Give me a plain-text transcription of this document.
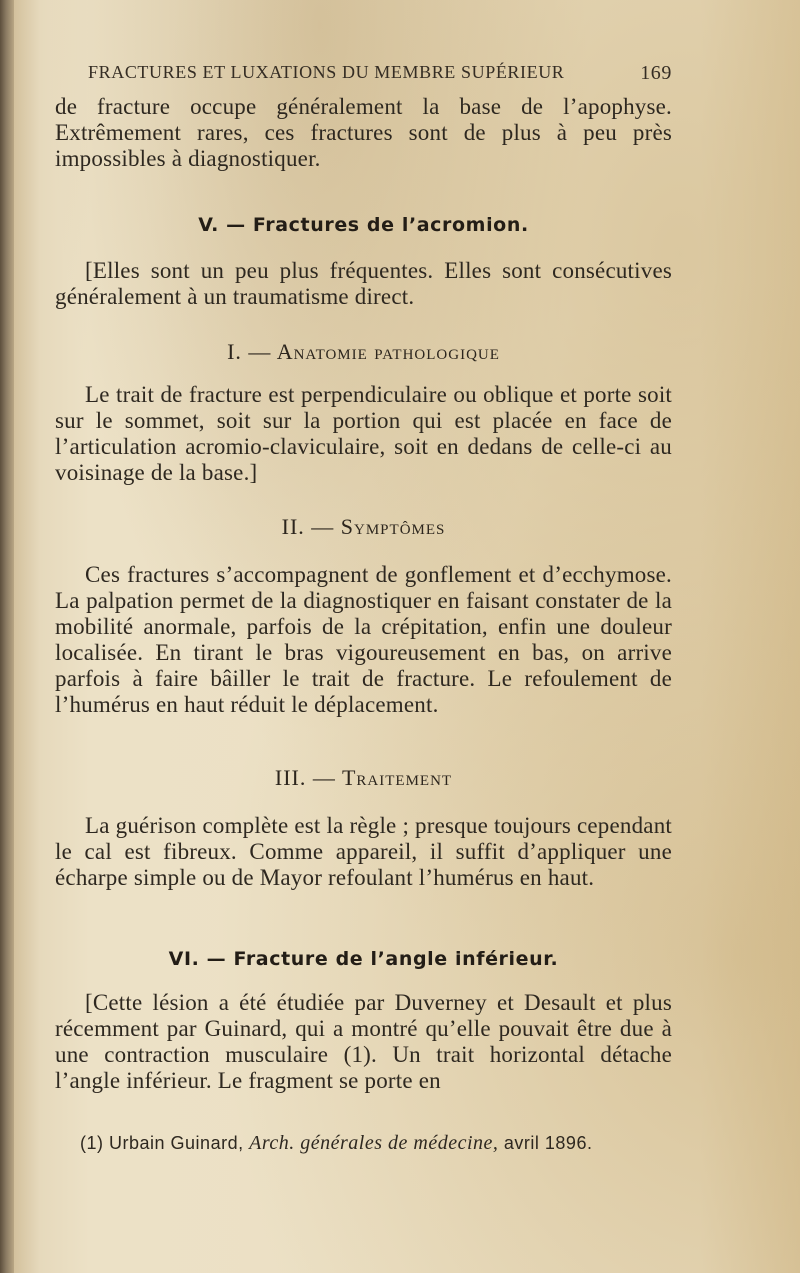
FRACTURES ET LUXATIONS DU MEMBRE SUPÉRIEUR	169

de fracture occupe généralement la base de l’apophyse. Extrêmement rares, ces fractures sont de plus à peu près impossibles à diagnostiquer.

V. — Fractures de l’acromion.

[Elles sont un peu plus fréquentes. Elles sont consécutives généralement à un traumatisme direct.

I. — Anatomie pathologique

Le trait de fracture est perpendiculaire ou oblique et porte soit sur le sommet, soit sur la portion qui est placée en face de l’articulation acromio-claviculaire, soit en dedans de celle-ci au voisinage de la base.]

II. — Symptômes

Ces fractures s’accompagnent de gonflement et d’ecchymose. La palpation permet de la diagnostiquer en faisant constater de la mobilité anormale, parfois de la crépitation, enfin une douleur localisée. En tirant le bras vigoureusement en bas, on arrive parfois à faire bâiller le trait de fracture. Le refoulement de l’humérus en haut réduit le déplacement.

III. — Traitement

La guérison complète est la règle ; presque toujours cependant le cal est fibreux. Comme appareil, il suffit d’appliquer une écharpe simple ou de Mayor refoulant l’humérus en haut.

VI. — Fracture de l’angle inférieur.

[Cette lésion a été étudiée par Duverney et Desault et plus récemment par Guinard, qui a montré qu’elle pouvait être due à une contraction musculaire (1). Un trait horizontal détache l’angle inférieur. Le fragment se porte en

(1) Urbain Guinard, Arch. générales de médecine, avril 1896.
